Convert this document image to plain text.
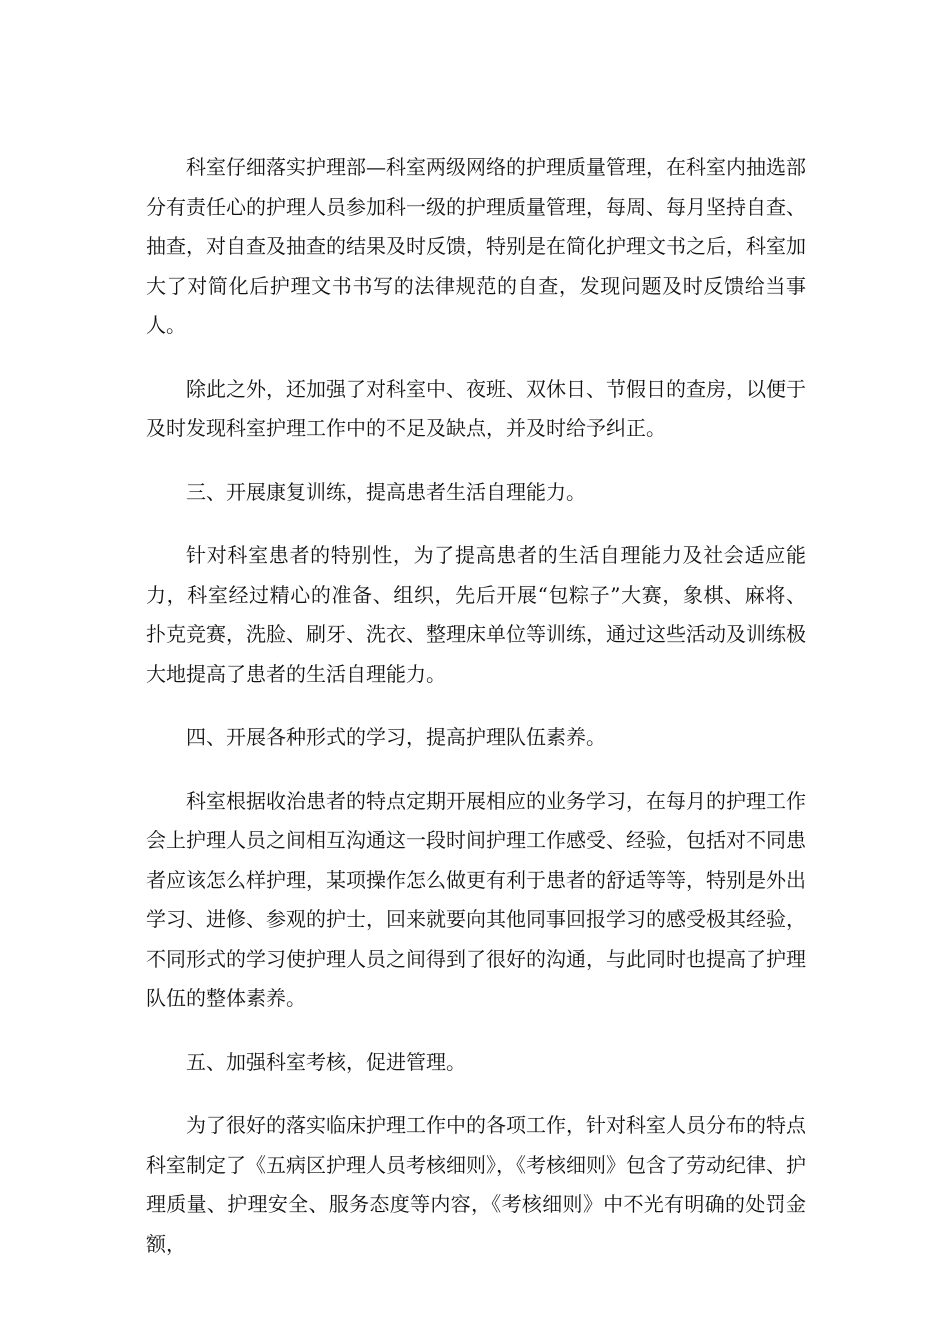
科室仔细落实护理部—科室两级网络的护理质量管理，在科室内抽选部分有责任心的护理人员参加科一级的护理质量管理，每周、每月坚持自查、抽查，对自查及抽查的结果及时反馈，特别是在简化护理文书之后，科室加大了对简化后护理文书书写的法律规范的自查，发现问题及时反馈给当事人。

除此之外，还加强了对科室中、夜班、双休日、节假日的查房，以便于及时发现科室护理工作中的不足及缺点，并及时给予纠正。

三、开展康复训练，提高患者生活自理能力。

针对科室患者的特别性，为了提高患者的生活自理能力及社会适应能力，科室经过精心的准备、组织，先后开展“包粽子”大赛，象棋、麻将、扑克竞赛，洗脸、刷牙、洗衣、整理床单位等训练，通过这些活动及训练极大地提高了患者的生活自理能力。

四、开展各种形式的学习，提高护理队伍素养。

科室根据收治患者的特点定期开展相应的业务学习，在每月的护理工作会上护理人员之间相互沟通这一段时间护理工作感受、经验，包括对不同患者应该怎么样护理，某项操作怎么做更有利于患者的舒适等等，特别是外出学习、进修、参观的护士，回来就要向其他同事回报学习的感受极其经验，不同形式的学习使护理人员之间得到了很好的沟通，与此同时也提高了护理队伍的整体素养。

五、加强科室考核，促进管理。

为了很好的落实临床护理工作中的各项工作，针对科室人员分布的特点科室制定了《五病区护理人员考核细则》，《考核细则》包含了劳动纪律、护理质量、护理安全、服务态度等内容，《考核细则》中不光有明确的处罚金额，
